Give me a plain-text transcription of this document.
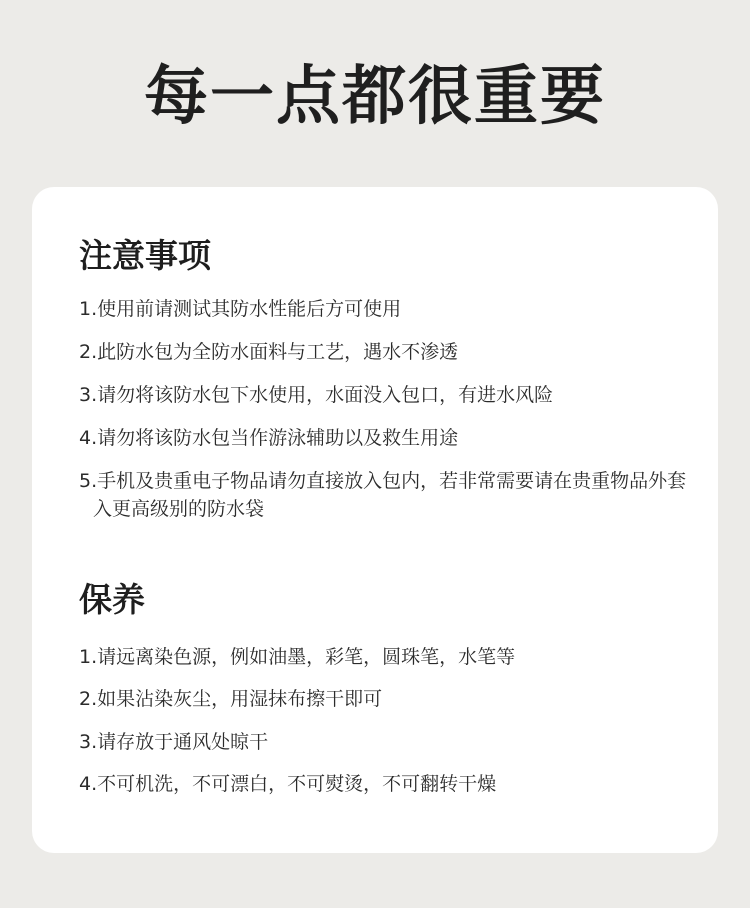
每一点都很重要
注意事项
1.使用前请测试其防水性能后方可使用
2.此防水包为全防水面料与工艺，遇水不渗透
3.请勿将该防水包下水使用，水面没入包口，有进水风险
4.请勿将该防水包当作游泳辅助以及救生用途
5.手机及贵重电子物品请勿直接放入包内，若非常需要请在贵重物品外套入更高级别的防水袋
保养
1.请远离染色源，例如油墨，彩笔，圆珠笔，水笔等
2.如果沾染灰尘，用湿抹布擦干即可
3.请存放于通风处晾干
4.不可机洗，不可漂白，不可熨烫，不可翻转干燥
